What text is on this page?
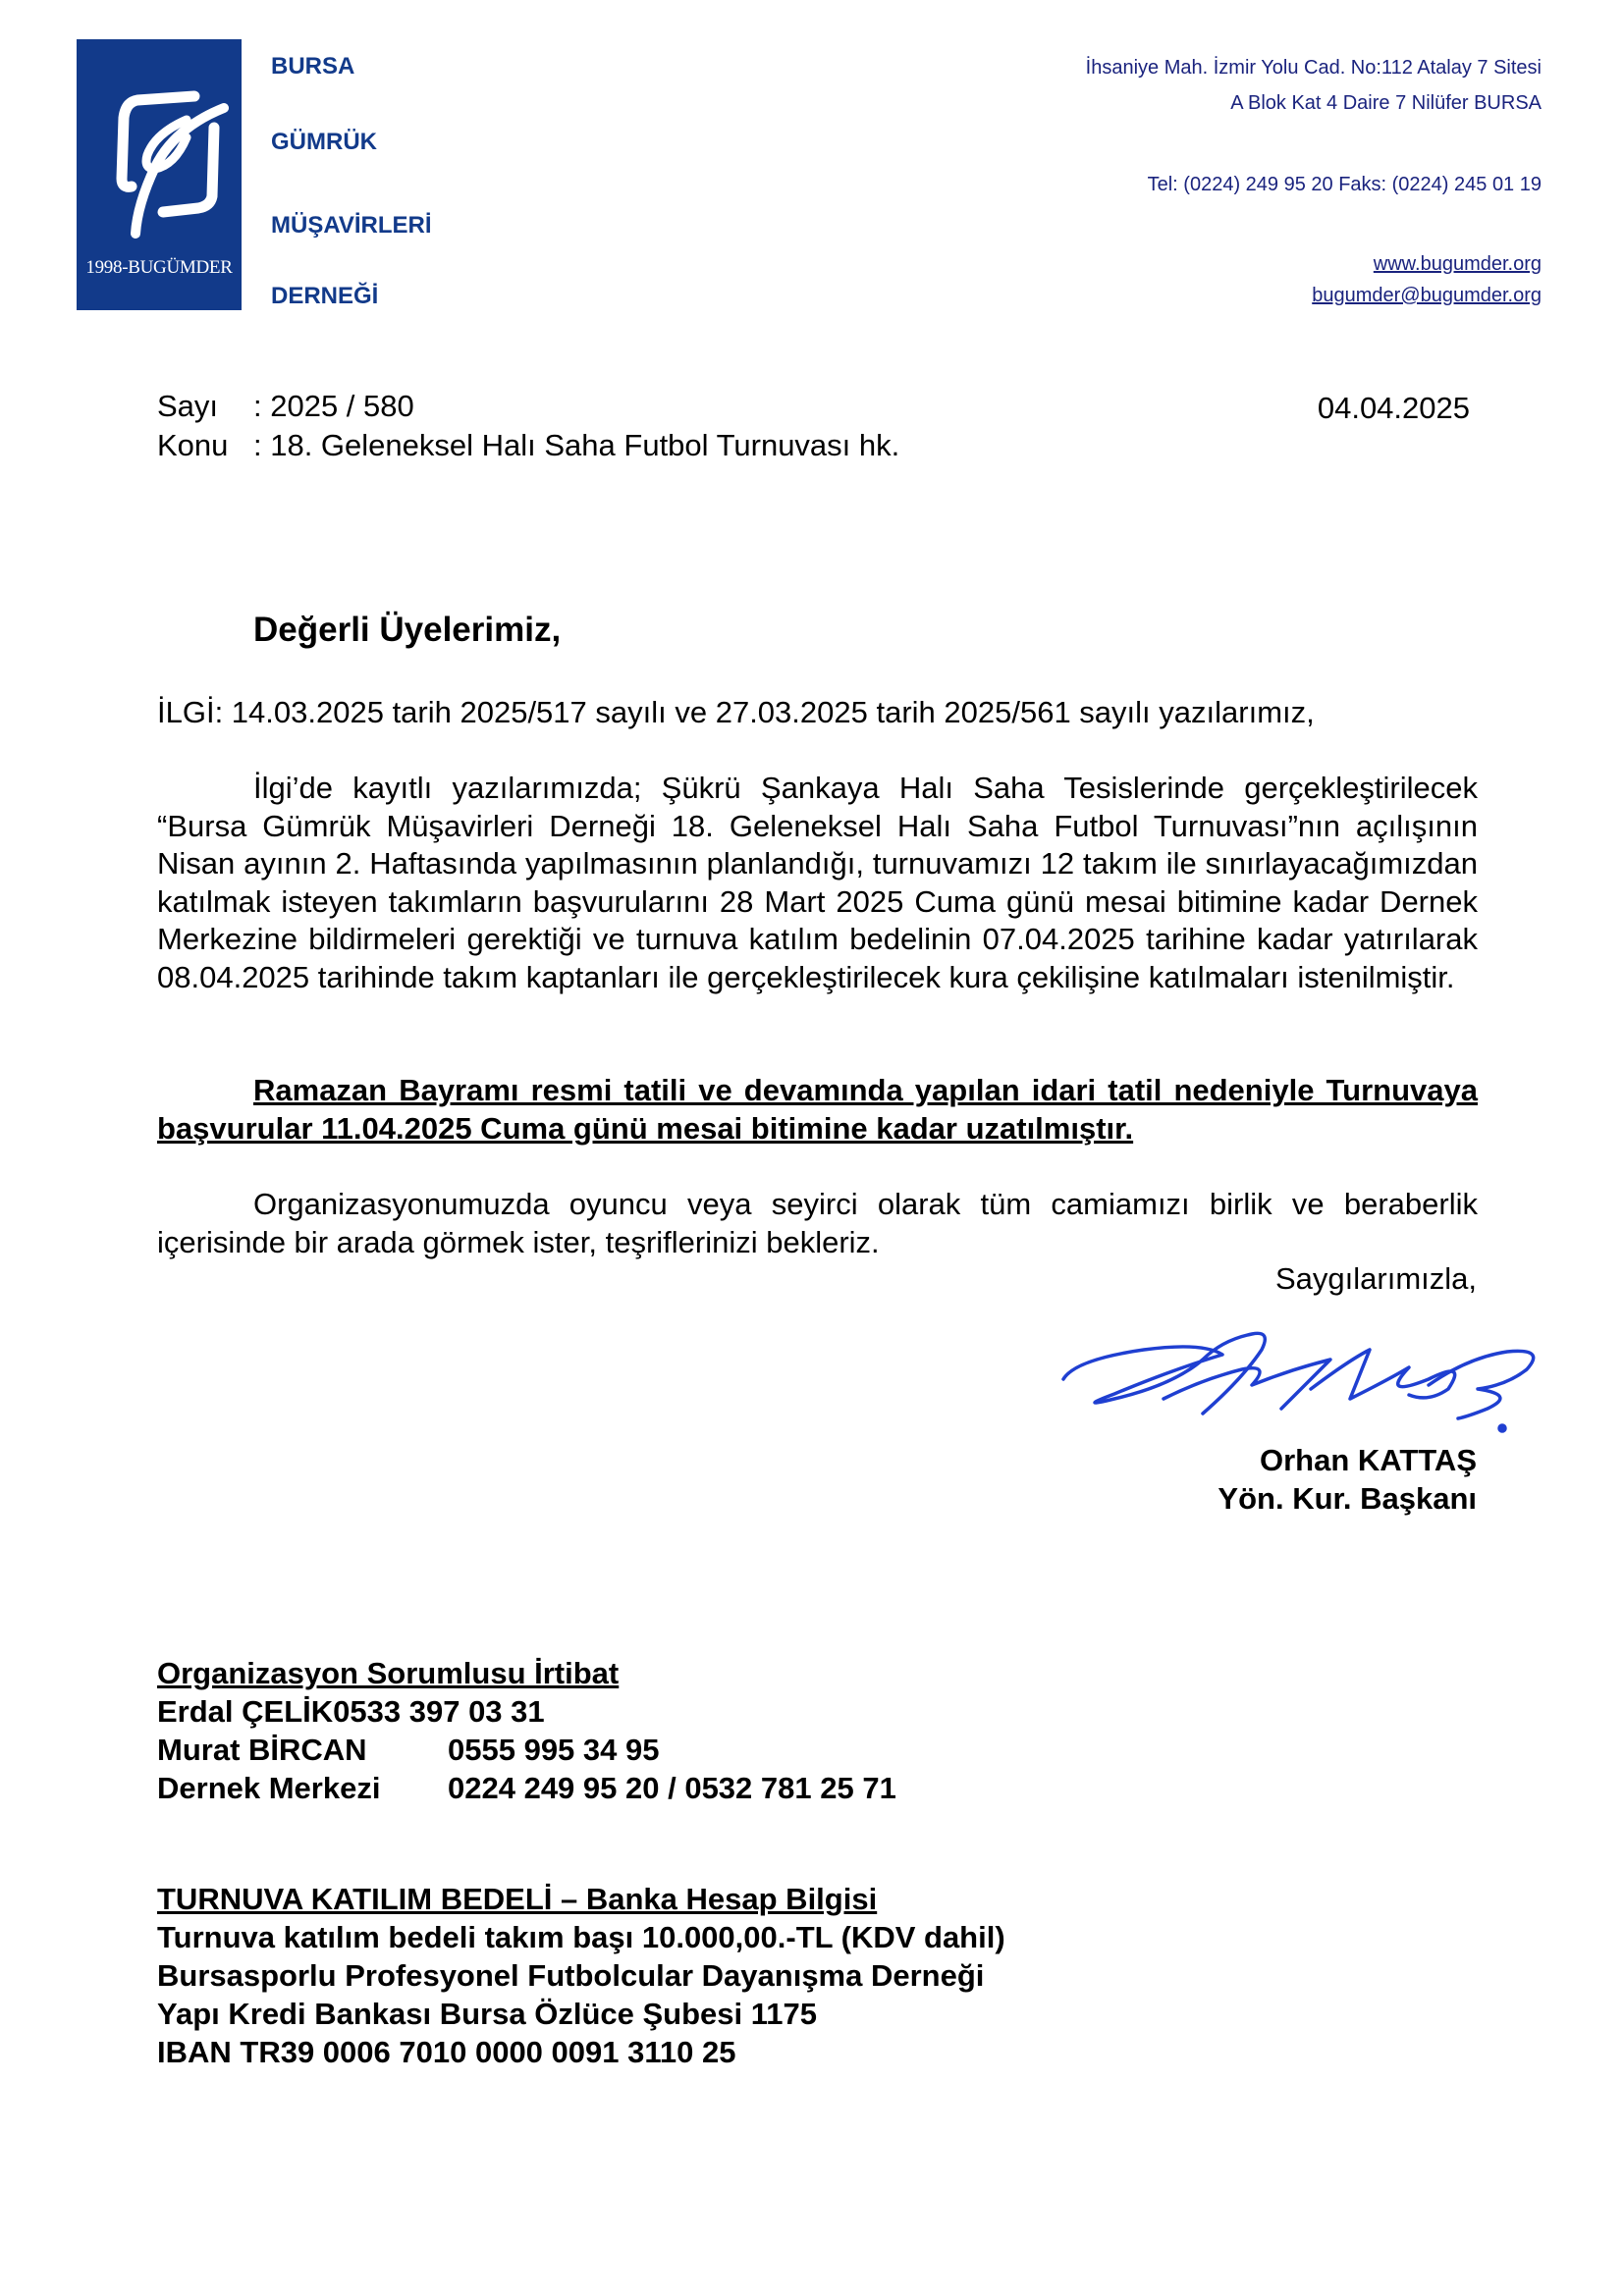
1998-BUGÜMDER
BURSA
GÜMRÜK
MÜŞAVİRLERİ
DERNEĞİ
İhsaniye Mah. İzmir Yolu Cad. No:112 Atalay 7 Sitesi
A Blok Kat 4 Daire 7 Nilüfer BURSA
Tel: (0224) 249 95 20 Faks: (0224) 245 01 19
www.bugumder.org
bugumder@bugumder.org
Sayı : 2025 / 580
Konu : 18. Geleneksel Halı Saha Futbol Turnuvası hk.
04.04.2025
Değerli Üyelerimiz,
İLGİ: 14.03.2025 tarih 2025/517 sayılı ve 27.03.2025 tarih 2025/561 sayılı yazılarımız,
İlgi’de kayıtlı yazılarımızda; Şükrü Şankaya Halı Saha Tesislerinde gerçekleştirilecek “Bursa Gümrük Müşavirleri Derneği 18. Geleneksel Halı Saha Futbol Turnuvası”nın açılışının Nisan ayının 2. Haftasında yapılmasının planlandığı, turnuvamızı 12 takım ile sınırlayacağımızdan katılmak isteyen takımların başvurularını 28 Mart 2025 Cuma günü mesai bitimine kadar Dernek Merkezine bildirmeleri gerektiği ve turnuva katılım bedelinin 07.04.2025 tarihine kadar yatırılarak 08.04.2025 tarihinde takım kaptanları ile gerçekleştirilecek kura çekilişine katılmaları istenilmiştir.
Ramazan Bayramı resmi tatili ve devamında yapılan idari tatil nedeniyle Turnuvaya başvurular 11.04.2025 Cuma günü mesai bitimine kadar uzatılmıştır.
Organizasyonumuzda oyuncu veya seyirci olarak tüm camiamızı birlik ve beraberlik içerisinde bir arada görmek ister, teşriflerinizi bekleriz.
Saygılarımızla,
Orhan KATTAŞ
Yön. Kur. Başkanı
Organizasyon Sorumlusu İrtibat
Erdal ÇELİK0533 397 03 31
Murat BİRCAN	0555 995 34 95
Dernek Merkezi 0224 249 95 20 / 0532 781 25 71
TURNUVA KATILIM BEDELİ – Banka Hesap Bilgisi
Turnuva katılım bedeli takım başı 10.000,00.-TL (KDV dahil)
Bursasporlu Profesyonel Futbolcular Dayanışma Derneği
Yapı Kredi Bankası Bursa Özlüce Şubesi 1175
IBAN TR39 0006 7010 0000 0091 3110 25
